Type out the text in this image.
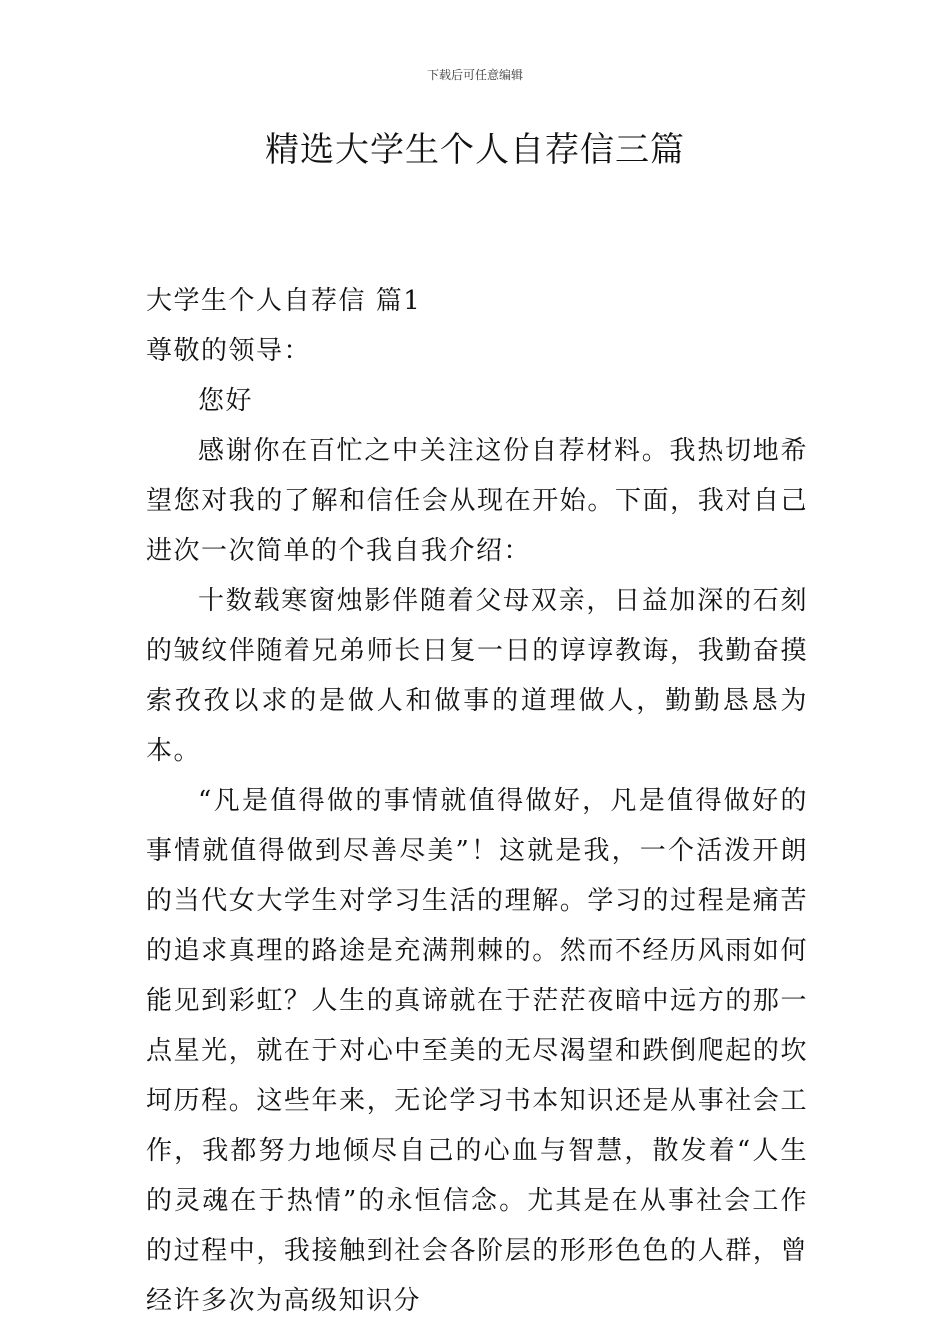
下载后可任意编辑
精选大学生个人自荐信三篇

大学生个人自荐信 篇1

尊敬的领导：

您好

感谢你在百忙之中关注这份自荐材料。我热切地希望您对我的了解和信任会从现在开始。下面，我对自己进次一次简单的个我自我介绍：

十数载寒窗烛影伴随着父母双亲，日益加深的石刻的皱纹伴随着兄弟师长日复一日的谆谆教诲，我勤奋摸索孜孜以求的是做人和做事的道理做人，勤勤恳恳为本。

“凡是值得做的事情就值得做好，凡是值得做好的事情就值得做到尽善尽美”！这就是我，一个活泼开朗的当代女大学生对学习生活的理解。学习的过程是痛苦的追求真理的路途是充满荆棘的。然而不经历风雨如何能见到彩虹？人生的真谛就在于茫茫夜暗中远方的那一点星光，就在于对心中至美的无尽渴望和跌倒爬起的坎坷历程。这些年来，无论学习书本知识还是从事社会工作，我都努力地倾尽自己的心血与智慧，散发着“人生的灵魂在于热情”的永恒信念。尤其是在从事社会工作的过程中，我接触到社会各阶层的形形色色的人群，曾经许多次为高级知识分
